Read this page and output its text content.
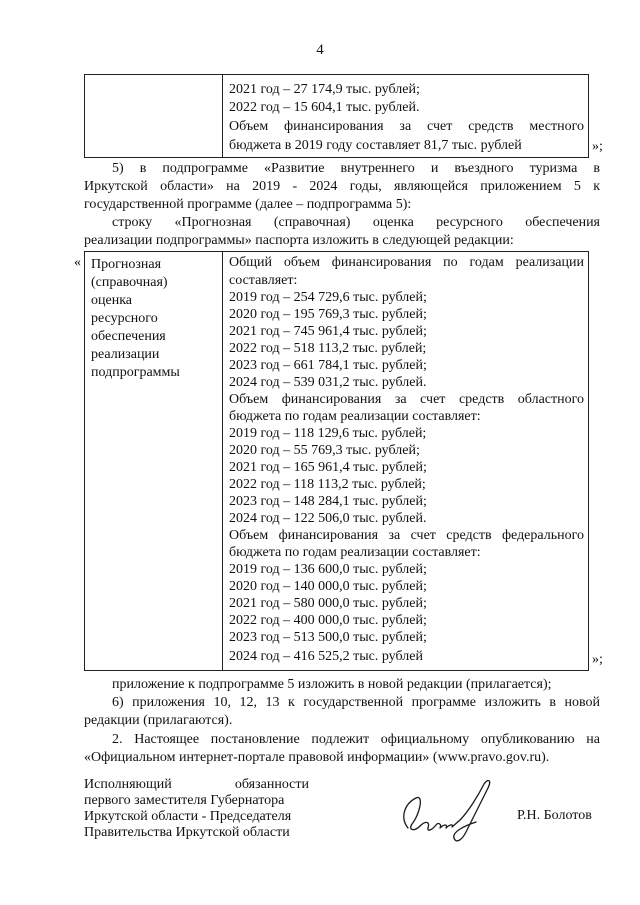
4
2021 год – 27 174,9 тыс. рублей;
2022 год – 15 604,1 тыс. рублей.
Объем финансирования за счет средств местного
бюджета в 2019 году составляет 81,7 тыс. рублей	»;
5) в подпрограмме «Развитие внутреннего и въездного туризма в
Иркутской области» на 2019 - 2024 годы, являющейся приложением 5 к
государственной программе (далее – подпрограмма 5):
строку «Прогнозная (справочная) оценка ресурсного обеспечения
реализации подпрограммы» паспорта изложить в следующей редакции:
« Прогнозная
(справочная)
оценка
ресурсного
обеспечения
реализации
подпрограммы
Общий объем финансирования по годам реализации
составляет:
2019 год – 254 729,6 тыс. рублей;
2020 год – 195 769,3 тыс. рублей;
2021 год – 745 961,4 тыс. рублей;
2022 год – 518 113,2 тыс. рублей;
2023 год – 661 784,1 тыс. рублей;
2024 год – 539 031,2 тыс. рублей.
Объем финансирования за счет средств областного
бюджета по годам реализации составляет:
2019 год – 118 129,6 тыс. рублей;
2020 год – 55 769,3 тыс. рублей;
2021 год – 165 961,4 тыс. рублей;
2022 год – 118 113,2 тыс. рублей;
2023 год – 148 284,1 тыс. рублей;
2024 год – 122 506,0 тыс. рублей.
Объем финансирования за счет средств федерального
бюджета по годам реализации составляет:
2019 год – 136 600,0 тыс. рублей;
2020 год – 140 000,0 тыс. рублей;
2021 год – 580 000,0 тыс. рублей;
2022 год – 400 000,0 тыс. рублей;
2023 год – 513 500,0 тыс. рублей;
2024 год – 416 525,2 тыс. рублей	»;
приложение к подпрограмме 5 изложить в новой редакции (прилагается);
6) приложения 10, 12, 13 к государственной программе изложить в новой
редакции (прилагаются).
2. Настоящее постановление подлежит официальному опубликованию на
«Официальном интернет-портале правовой информации» (www.pravo.gov.ru).
Исполняющий обязанности
первого заместителя Губернатора
Иркутской области - Председателя
Правительства Иркутской области
Р.Н. Болотов
